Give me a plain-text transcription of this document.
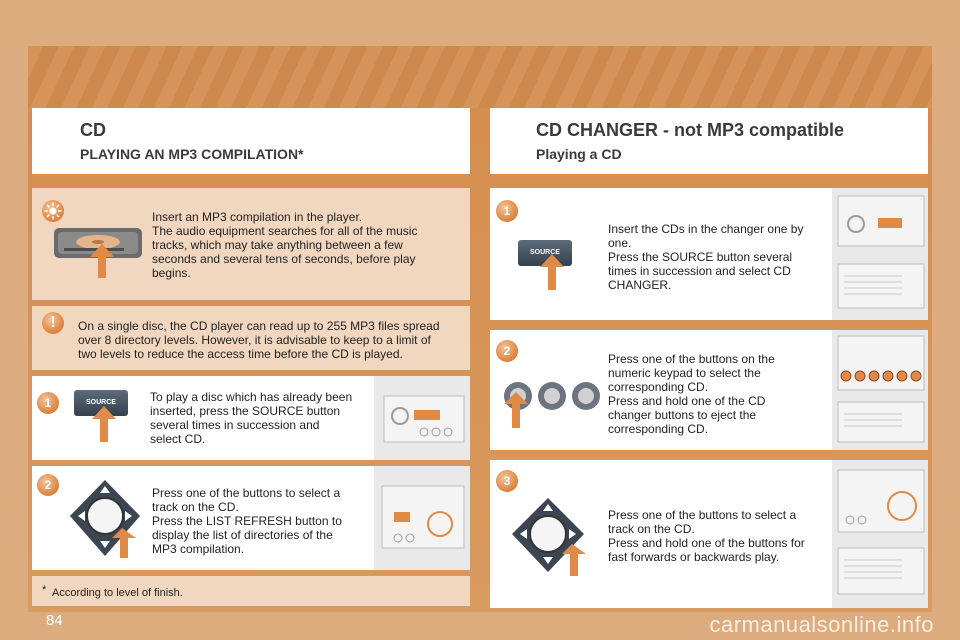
CD
PLAYING AN MP3 COMPILATION*
CD CHANGER - not MP3 compatible
Playing a CD
Insert an MP3 compilation in the player.
The audio equipment searches for all of the music
tracks, which may take anything between a few
seconds and several tens of seconds, before play
begins.
!	On a single disc, the CD player can read up to 255 MP3 files spread
over 8 directory levels. However, it is advisable to keep to a limit of
two levels to reduce the access time before the CD is played.
1	SOURCE	To play a disc which has already been
inserted, press the SOURCE button
several times in succession and
select CD.
2
Press one of the buttons to select a
track on the CD.
Press the LIST REFRESH button to
display the list of directories of the
MP3 compilation.
* According to level of finish.
1
SOURCE
Insert the CDs in the changer one by
one.
Press the SOURCE button several
times in succession and select CD
CHANGER.
2
Press one of the buttons on the
numeric keypad to select the
corresponding CD.
Press and hold one of the CD
changer buttons to eject the
corresponding CD.
3
Press one of the buttons to select a
track on the CD.
Press and hold one of the buttons for
fast forwards or backwards play.
84	carmanualsonline.info
